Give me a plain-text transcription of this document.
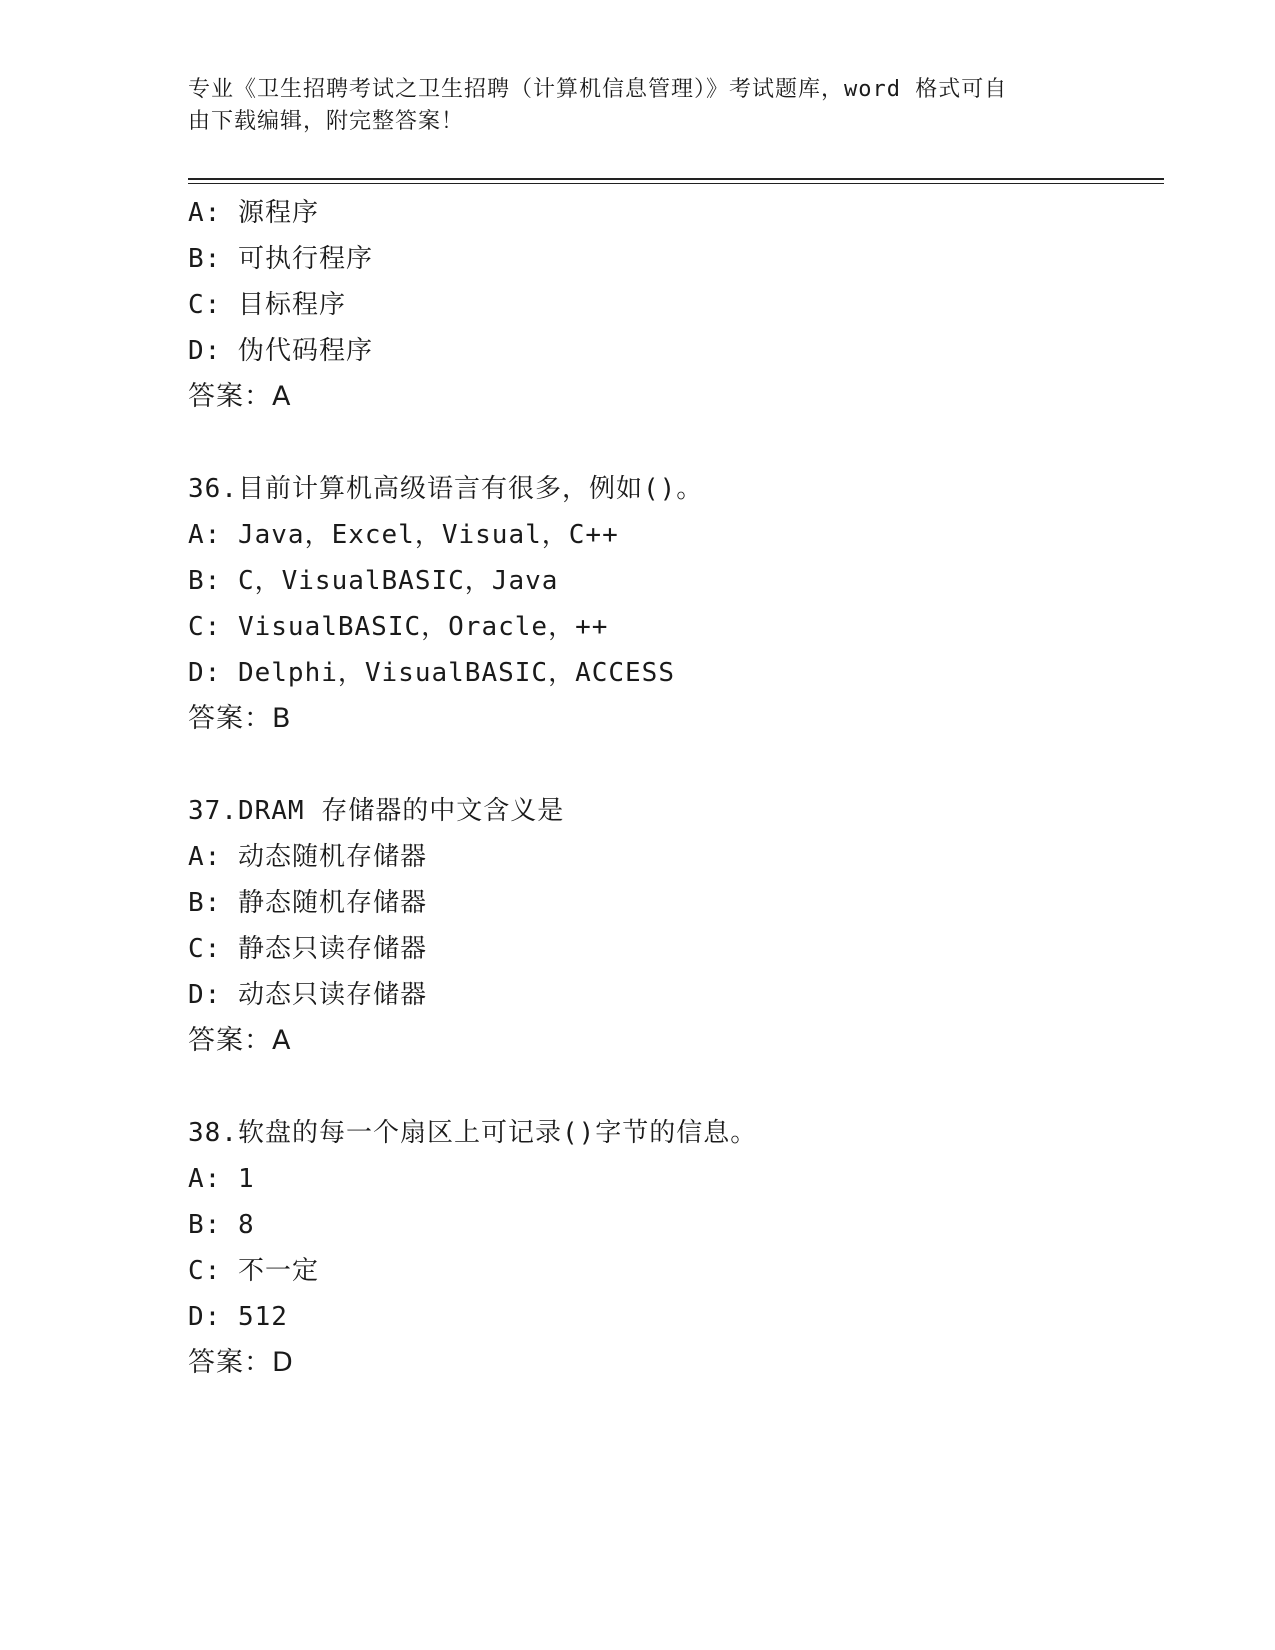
专业《卫生招聘考试之卫生招聘（计算机信息管理）》考试题库，word 格式可自
由下载编辑，附完整答案！
A: 源程序
B: 可执行程序
C: 目标程序
D: 伪代码程序
答案：A
36.目前计算机高级语言有很多，例如()。
A: Java，Excel，Visual，C++
B: C，VisualBASIC，Java
C: VisualBASIC，Oracle，++
D: Delphi，VisualBASIC，ACCESS
答案：B
37.DRAM 存储器的中文含义是
A: 动态随机存储器
B: 静态随机存储器
C: 静态只读存储器
D: 动态只读存储器
答案：A
38.软盘的每一个扇区上可记录()字节的信息。
A: 1
B: 8
C: 不一定
D: 512
答案：D
